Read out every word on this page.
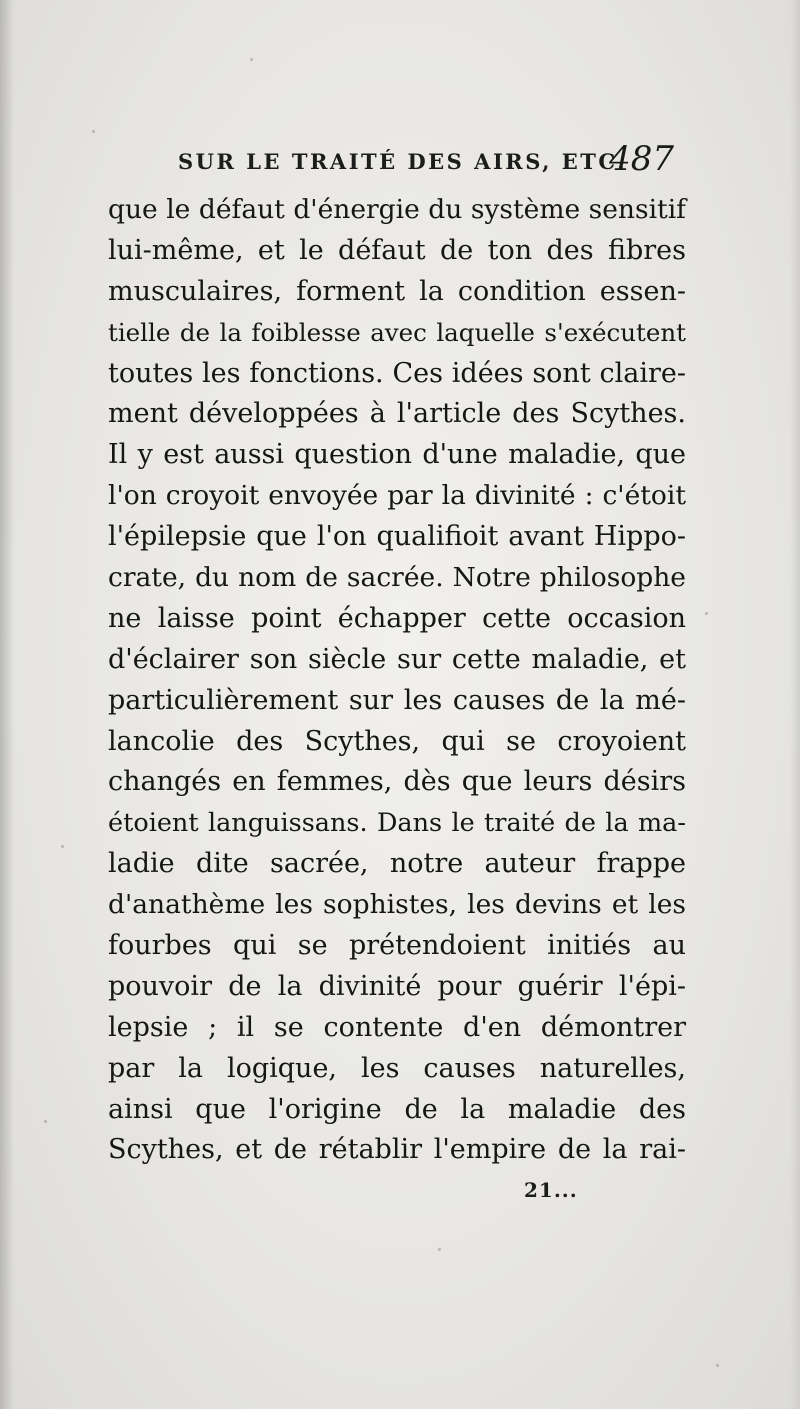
SUR LE TRAITÉ DES AIRS, ETC.
487
que le défaut d'énergie du système sensitif
lui-même, et le défaut de ton des fibres
musculaires, forment la condition essen-
tielle de la foiblesse avec laquelle s'exécutent
toutes les fonctions. Ces idées sont claire-
ment développées à l'article des Scythes.
Il y est aussi question d'une maladie, que
l'on croyoit envoyée par la divinité : c'étoit
l'épilepsie que l'on qualifioit avant Hippo-
crate, du nom de sacrée. Notre philosophe
ne laisse point échapper cette occasion
d'éclairer son siècle sur cette maladie, et
particulièrement sur les causes de la mé-
lancolie des Scythes, qui se croyoient
changés en femmes, dès que leurs désirs
étoient languissans. Dans le traité de la ma-
ladie dite sacrée, notre auteur frappe
d'anathème les sophistes, les devins et les
fourbes qui se prétendoient initiés au
pouvoir de la divinité pour guérir l'épi-
lepsie ; il se contente d'en démontrer
par la logique, les causes naturelles,
ainsi que l'origine de la maladie des
Scythes, et de rétablir l'empire de la rai-
21...
